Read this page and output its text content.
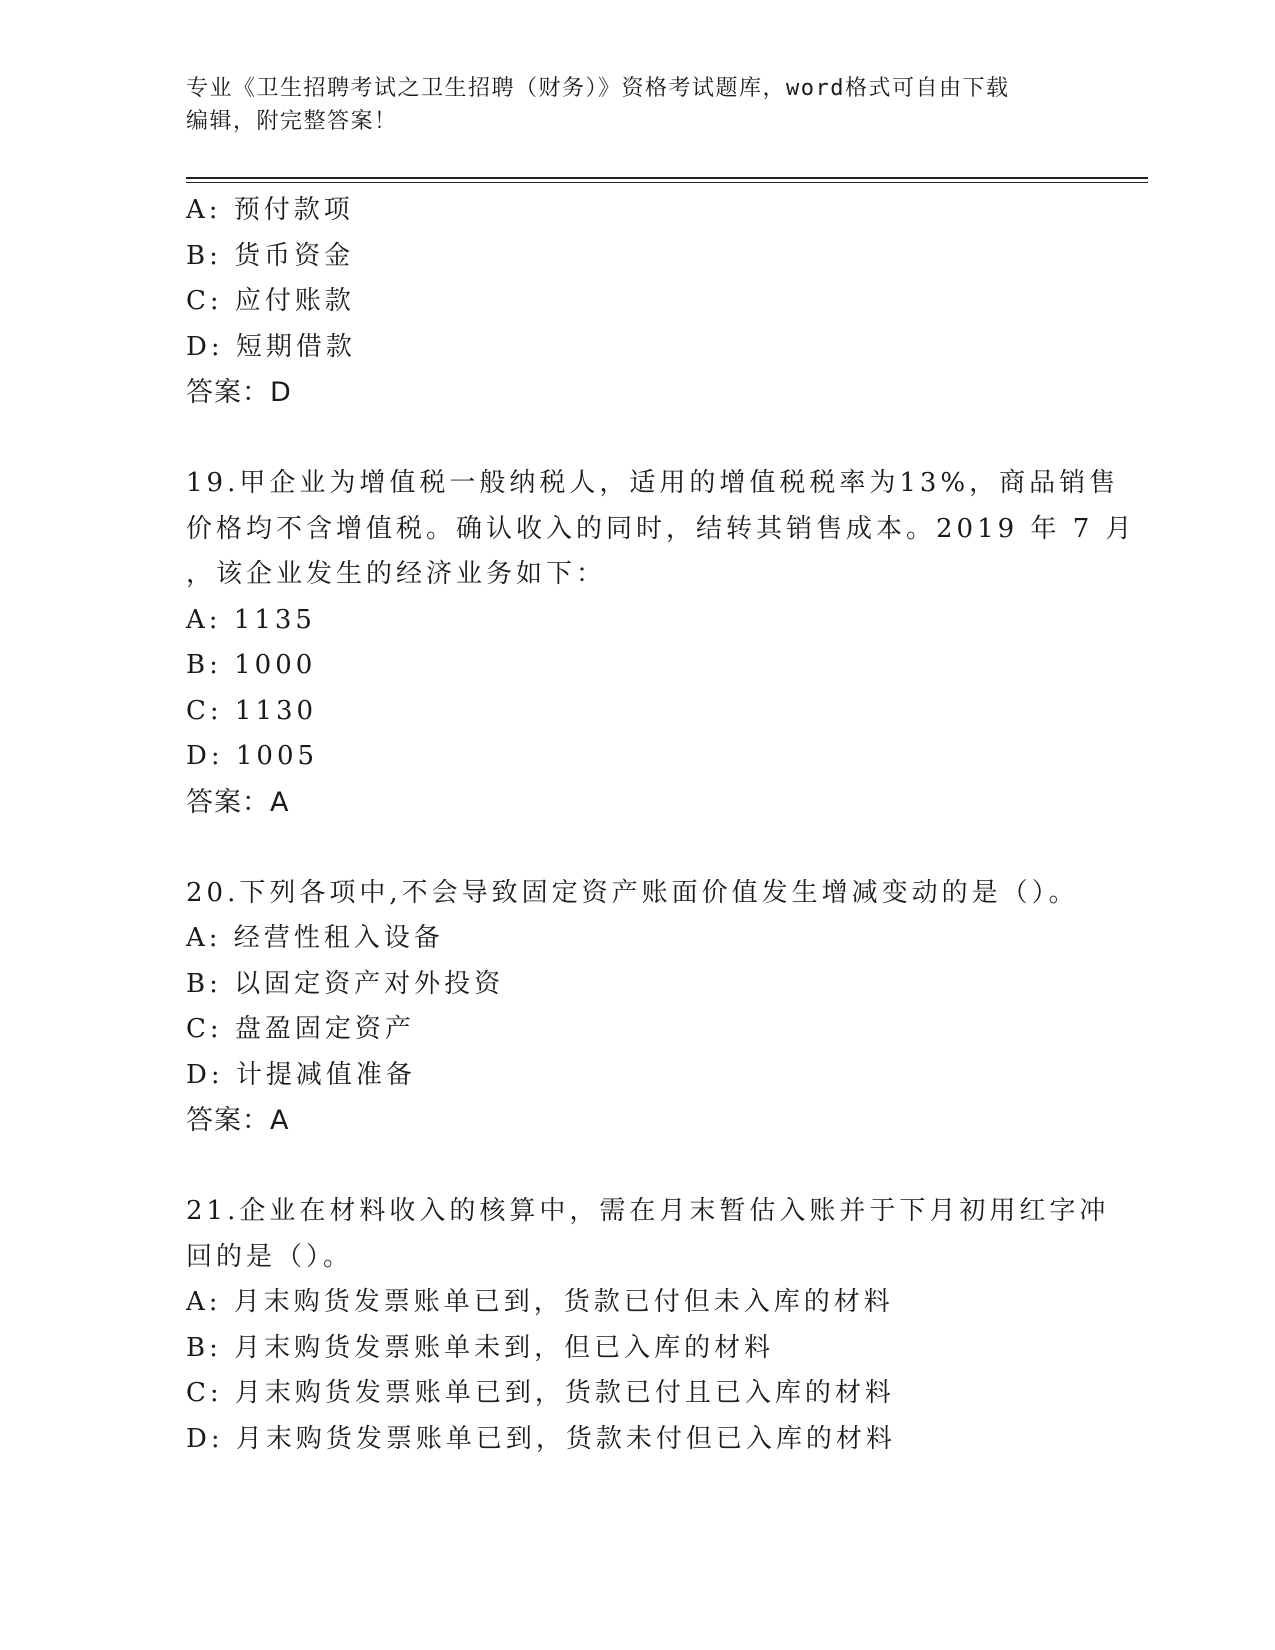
专业《卫生招聘考试之卫生招聘（财务）》资格考试题库，word格式可自由下载
编辑，附完整答案！
A: 预付款项
B: 货币资金
C: 应付账款
D: 短期借款
答案：D
19.甲企业为增值税一般纳税人，适用的增值税税率为13%，商品销售
价格均不含增值税。确认收入的同时，结转其销售成本。2019 年 7 月
，该企业发生的经济业务如下：
A: 1135
B: 1000
C: 1130
D: 1005
答案：A
20.下列各项中,不会导致固定资产账面价值发生增减变动的是（）。
A: 经营性租入设备
B: 以固定资产对外投资
C: 盘盈固定资产
D: 计提减值准备
答案：A
21.企业在材料收入的核算中，需在月末暂估入账并于下月初用红字冲
回的是（）。
A: 月末购货发票账单已到，货款已付但未入库的材料
B: 月末购货发票账单未到，但已入库的材料
C: 月末购货发票账单已到，货款已付且已入库的材料
D: 月末购货发票账单已到，货款未付但已入库的材料
